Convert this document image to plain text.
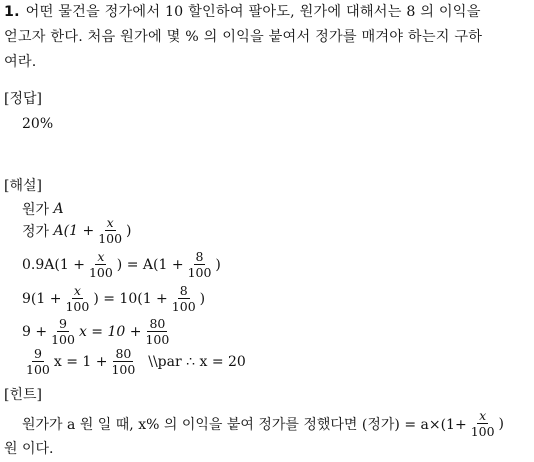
1. 어떤 물건을 정가에서 10 할인하여 팔아도, 원가에 대해서는 8 의 이익을
얻고자 한다. 처음 원가에 몇 % 의 이익을 붙여서 정가를 매겨야 하는지 구하
여라.
[정답]
20%
[해설]
원가
A
정가
$A(1 + \frac{x}{100}$ )
$0.9A(1 + \frac{x}{100}$ ) = $A(1 + \frac{8}{100}$ )
$9(1 + \frac{x}{100}$ ) = $10(1 + \frac{8}{100}$ )
$9 + \frac{9}{100}$ $x = 10 + \frac{80}{100}$
$\frac{9}{100}$ $x = 1 + \frac{80}{100}$ \\par ∴ x = 20
[힌트]
원가가 a 원 일 때, x% 의 이익을 붙여 정가를 정했다면 (정가) = $a\times(1+ \frac{x}{100}$ )
원 이다.
